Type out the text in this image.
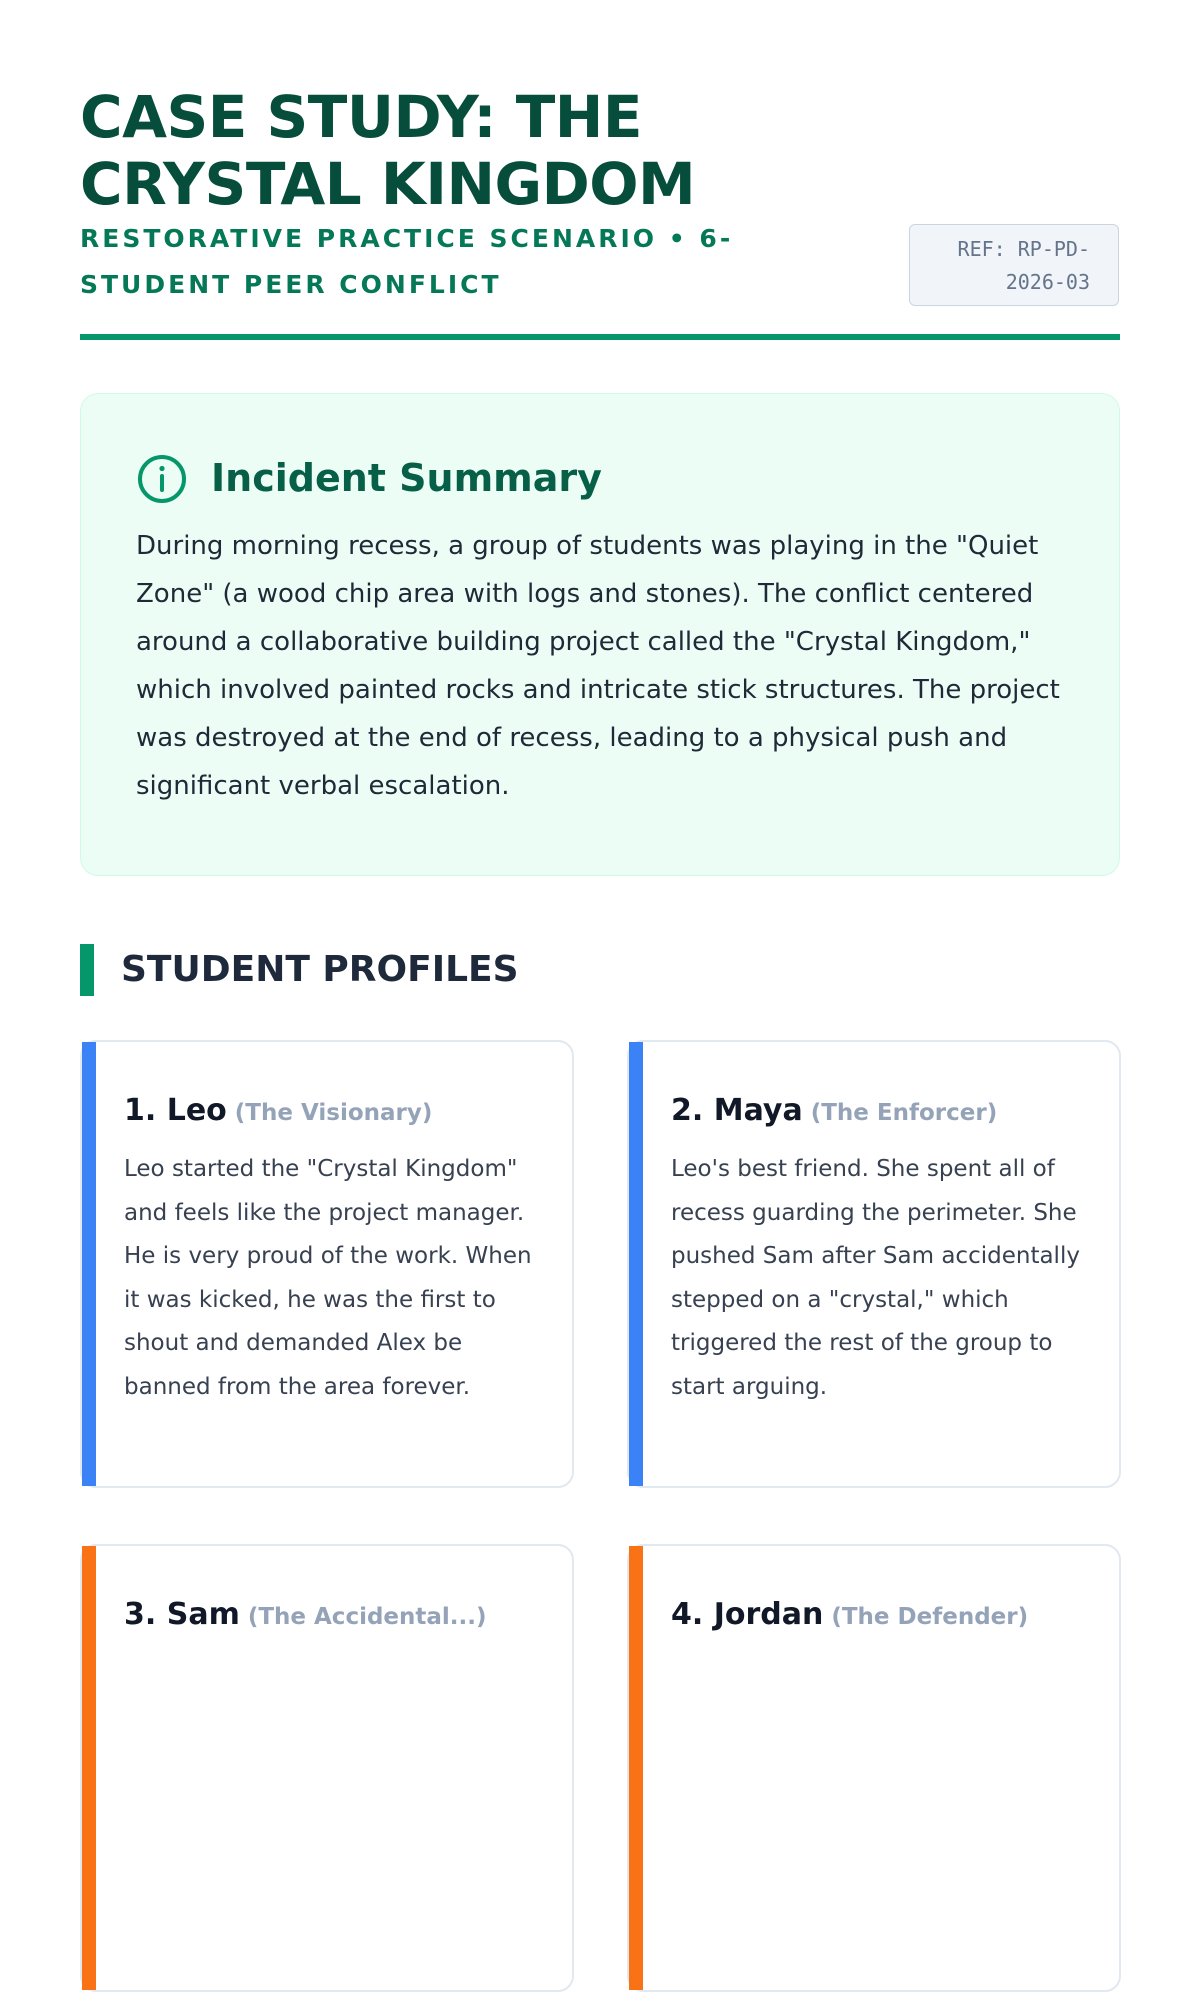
CASE STUDY: THE CRYSTAL KINGDOM
RESTORATIVE PRACTICE SCENARIO • 6-STUDENT PEER CONFLICT
REF: RP-PD-2026-03
Incident Summary

During morning recess, a group of students was playing in the "Quiet Zone" (a wood chip area with logs and stones). The conflict centered around a collaborative building project called the "Crystal Kingdom," which involved painted rocks and intricate stick structures. The project was destroyed at the end of recess, leading to a physical push and significant verbal escalation.

STUDENT PROFILES
1. Leo (The Visionary)

Leo started the "Crystal Kingdom" and feels like the project manager. He is very proud of the work. When it was kicked, he was the first to shout and demanded Alex be banned from the area forever.

2. Maya (The Enforcer)

Leo's best friend. She spent all of recess guarding the perimeter. She pushed Sam after Sam accidentally stepped on a "crystal," which triggered the rest of the group to start arguing.

3. Sam (The Accidental...)	4. Jordan (The Defender)
